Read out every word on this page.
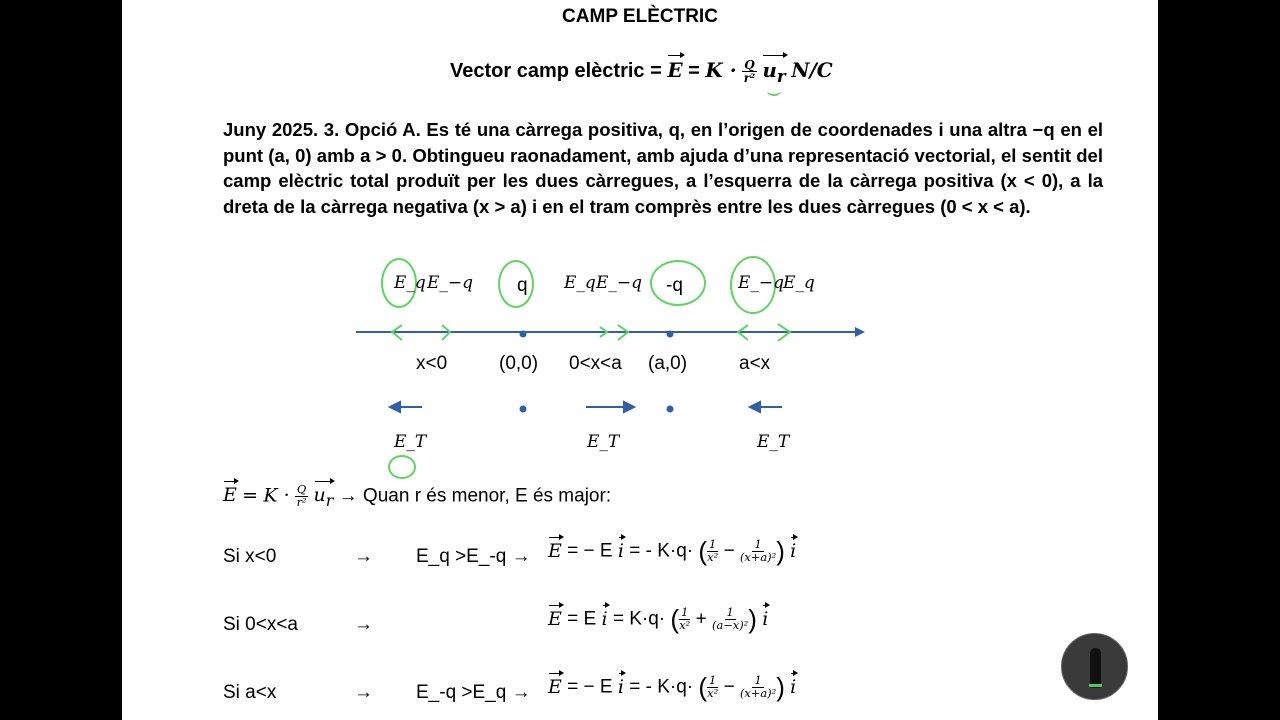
CAMP ELÈCTRIC
Vector camp elèctric = $E = K \cdot \frac{Q}{\text{r²}} u_r$ N/C
Juny 2025. 3. Opció A. Es té una càrrega positiva, q, en l’origen de coordenades i una altra −q en el punt (a, 0) amb a > 0. Obtingueu raonadament, amb ajuda d’una representació vectorial, el sentit del camp elèctric total produït per les dues càrregues, a l’esquerra de la càrrega positiva (x < 0), a la dreta de la càrrega negativa (x > a) i en el tram comprès entre les dues càrregues (0 < x < a).
E_q E_−q q E_q E_−q -q	E_−q
E_q
x<0	(0,0) 0<x<a (a,0)	a<x
E_T	E_T	E_T
$E = K \cdot \frac{Q}{\text{r²}} u_r$ → Quan r és menor, E és major:
Si x<0	→ E_q >E_-q → E = − E i = - K·q· ( $\frac{1}{\text{x²}} - \frac{1}{\text{(x+a)²}}$ ) i
Si 0<x<a	→	E = E i = K·q· ( $\frac{1}{\text{x²}} + \frac{1}{\text{(a−x)²}}$ ) i
Si a<x	→ E_-q >E_q → E = − E i = - K·q· ( $\frac{1}{\text{x²}} - \frac{1}{\text{(x+a)²}}$ ) i
